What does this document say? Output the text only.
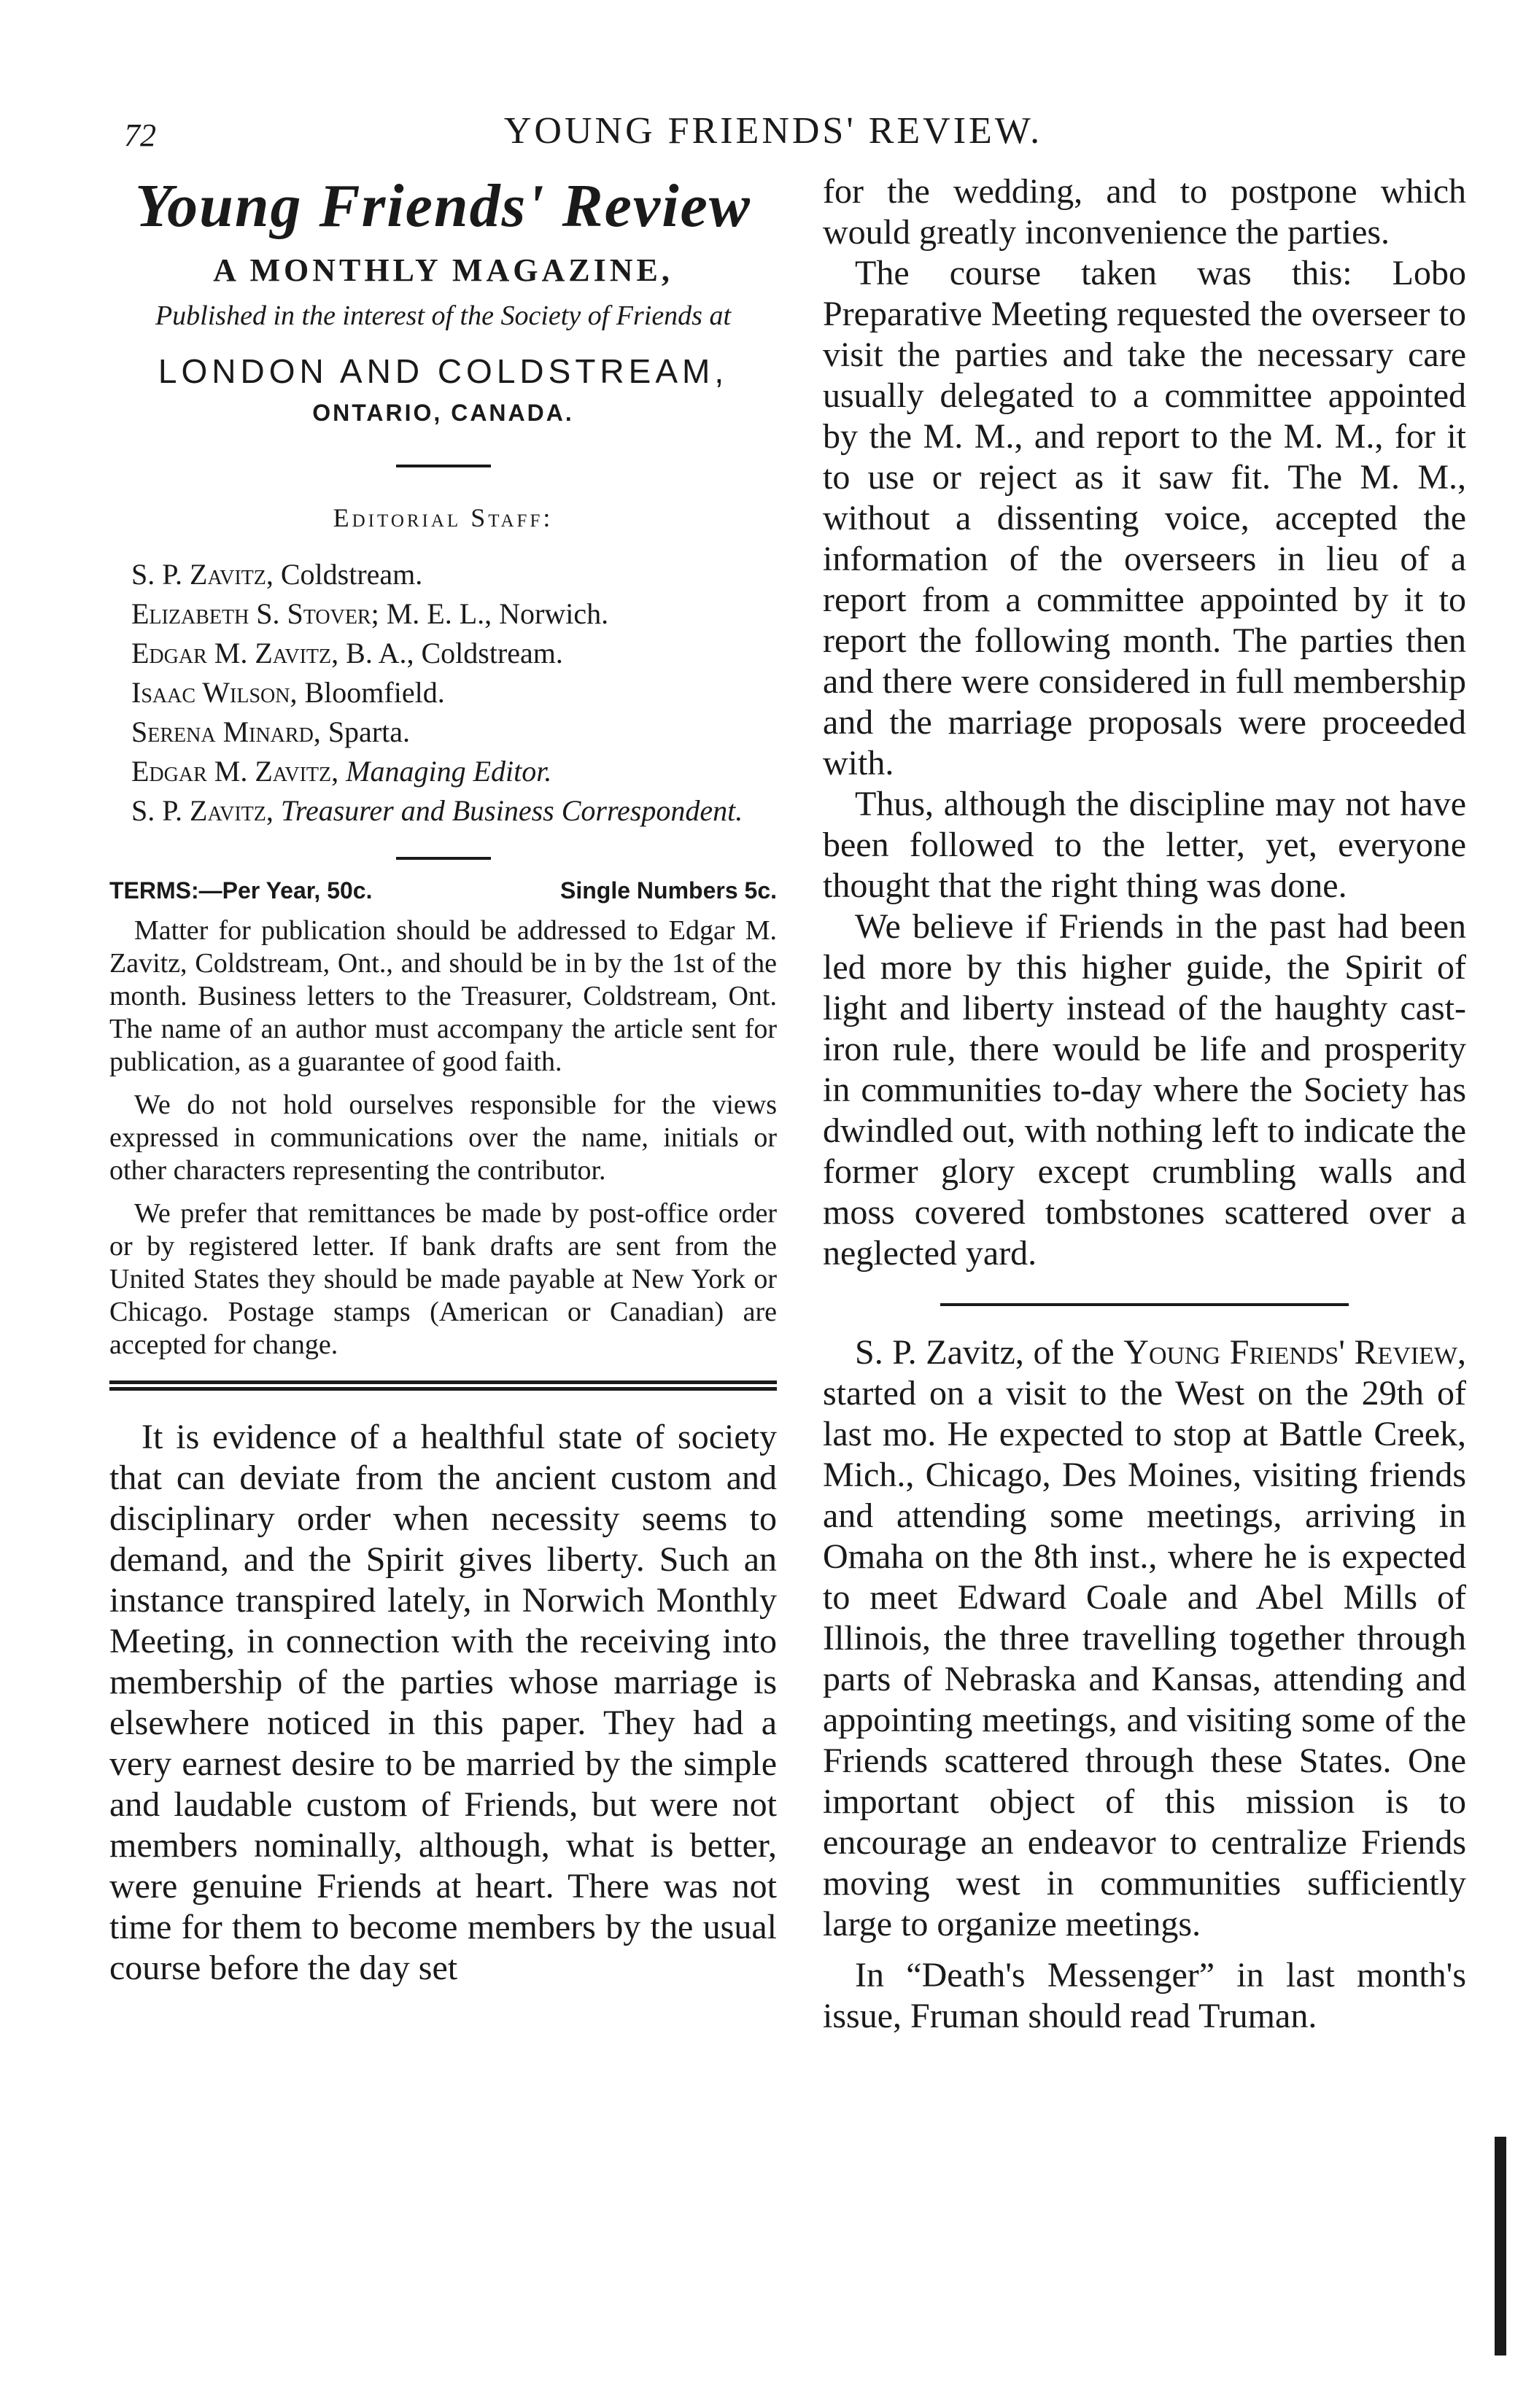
72	YOUNG FRIENDS' REVIEW.
Young Friends' Review
A MONTHLY MAGAZINE,
Published in the interest of the Society of Friends at
LONDON AND COLDSTREAM,
ONTARIO, CANADA.
Editorial Staff:
S. P. Zavitz, Coldstream.
Elizabeth S. Stover; M. E. L., Norwich.
Edgar M. Zavitz, B. A., Coldstream.
Isaac Wilson, Bloomfield.
Serena Minard, Sparta.
Edgar M. Zavitz, Managing Editor.
S. P. Zavitz, Treasurer and Business Correspondent.
TERMS:—Per Year, 50c.	Single Numbers 5c.

Matter for publication should be addressed to Edgar M. Zavitz, Coldstream, Ont., and should be in by the 1st of the month. Business letters to the Treasurer, Coldstream, Ont. The name of an author must accompany the article sent for publication, as a guarantee of good faith.

We do not hold ourselves responsible for the views expressed in communications over the name, initials or other characters representing the contributor.

We prefer that remittances be made by post-office order or by registered letter. If bank drafts are sent from the United States they should be made payable at New York or Chicago. Postage stamps (American or Canadian) are accepted for change.

It is evidence of a healthful state of society that can deviate from the ancient custom and disciplinary order when necessity seems to demand, and the Spirit gives liberty. Such an instance transpired lately, in Norwich Monthly Meeting, in connection with the receiving into membership of the parties whose marriage is elsewhere noticed in this paper. They had a very earnest desire to be married by the simple and laudable custom of Friends, but were not members nominally, although, what is better, were genuine Friends at heart. There was not time for them to become members by the usual course before the day set

for the wedding, and to postpone which would greatly inconvenience the parties.

The course taken was this: Lobo Preparative Meeting requested the overseer to visit the parties and take the necessary care usually delegated to a committee appointed by the M. M., and report to the M. M., for it to use or reject as it saw fit. The M. M., without a dissenting voice, accepted the information of the overseers in lieu of a report from a committee appointed by it to report the following month. The parties then and there were considered in full membership and the marriage proposals were proceeded with.

Thus, although the discipline may not have been followed to the letter, yet, everyone thought that the right thing was done.

We believe if Friends in the past had been led more by this higher guide, the Spirit of light and liberty instead of the haughty cast-iron rule, there would be life and prosperity in communities to-day where the Society has dwindled out, with nothing left to indicate the former glory except crumbling walls and moss covered tombstones scattered over a neglected yard.

S. P. Zavitz, of the Young Friends' Review, started on a visit to the West on the 29th of last mo. He expected to stop at Battle Creek, Mich., Chicago, Des Moines, visiting friends and attending some meetings, arriving in Omaha on the 8th inst., where he is expected to meet Edward Coale and Abel Mills of Illinois, the three travelling together through parts of Nebraska and Kansas, attending and appointing meetings, and visiting some of the Friends scattered through these States. One important object of this mission is to encourage an endeavor to centralize Friends moving west in communities sufficiently large to organize meetings.

In “Death's Messenger” in last month's issue, Fruman should read Truman.
